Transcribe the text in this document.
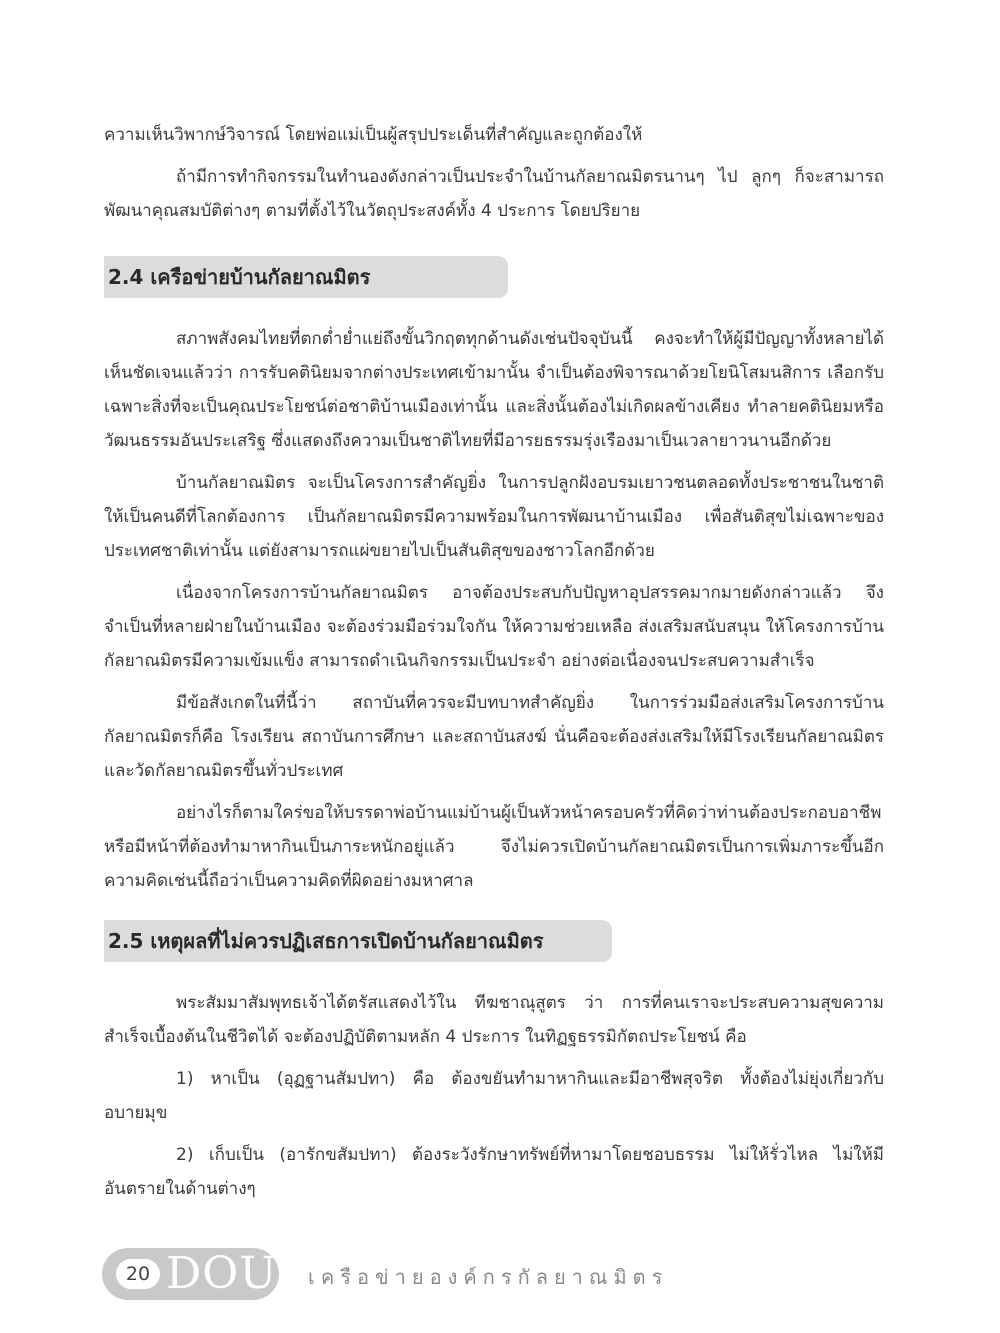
ความเห็นวิพากษ์วิจารณ์ โดยพ่อแม่เป็นผู้สรุปประเด็นที่สำคัญและถูกต้องให้

ถ้ามีการทำกิจกรรมในทำนองดังกล่าวเป็นประจำในบ้านกัลยาณมิตรนานๆ ไป ลูกๆ ก็จะสามารถพัฒนาคุณสมบัติต่างๆ ตามที่ตั้งไว้ในวัตถุประสงค์ทั้ง 4 ประการ โดยปริยาย

2.4 เครือข่ายบ้านกัลยาณมิตร

สภาพสังคมไทยที่ตกต่ำย่ำแย่ถึงขั้นวิกฤตทุกด้านดังเช่นปัจจุบันนี้ คงจะทำให้ผู้มีปัญญาทั้งหลายได้เห็นชัดเจนแล้วว่า การรับคตินิยมจากต่างประเทศเข้ามานั้น จำเป็นต้องพิจารณาด้วยโยนิโสมนสิการ เลือกรับเฉพาะสิ่งที่จะเป็นคุณประโยชน์ต่อชาติบ้านเมืองเท่านั้น และสิ่งนั้นต้องไม่เกิดผลข้างเคียง ทำลายคตินิยมหรือวัฒนธรรมอันประเสริฐ ซึ่งแสดงถึงความเป็นชาติไทยที่มีอารยธรรมรุ่งเรืองมาเป็นเวลายาวนานอีกด้วย

บ้านกัลยาณมิตร จะเป็นโครงการสำคัญยิ่ง ในการปลูกฝังอบรมเยาวชนตลอดทั้งประชาชนในชาติให้เป็นคนดีที่โลกต้องการ เป็นกัลยาณมิตรมีความพร้อมในการพัฒนาบ้านเมือง เพื่อสันติสุขไม่เฉพาะของประเทศชาติเท่านั้น แต่ยังสามารถแผ่ขยายไปเป็นสันติสุขของชาวโลกอีกด้วย

เนื่องจากโครงการบ้านกัลยาณมิตร อาจต้องประสบกับปัญหาอุปสรรคมากมายดังกล่าวแล้ว จึงจำเป็นที่หลายฝ่ายในบ้านเมือง จะต้องร่วมมือร่วมใจกัน ให้ความช่วยเหลือ ส่งเสริมสนับสนุน ให้โครงการบ้านกัลยาณมิตรมีความเข้มแข็ง สามารถดำเนินกิจกรรมเป็นประจำ อย่างต่อเนื่องจนประสบความสำเร็จ

มีข้อสังเกตในที่นี้ว่า สถาบันที่ควรจะมีบทบาทสำคัญยิ่ง ในการร่วมมือส่งเสริมโครงการบ้านกัลยาณมิตรก็คือ โรงเรียน สถาบันการศึกษา และสถาบันสงฆ์ นั่นคือจะต้องส่งเสริมให้มีโรงเรียนกัลยาณมิตรและวัดกัลยาณมิตรขึ้นทั่วประเทศ

อย่างไรก็ตามใคร่ขอให้บรรดาพ่อบ้านแม่บ้านผู้เป็นหัวหน้าครอบครัวที่คิดว่าท่านต้องประกอบอาชีพหรือมีหน้าที่ต้องทำมาหากินเป็นภาระหนักอยู่แล้ว จึงไม่ควรเปิดบ้านกัลยาณมิตรเป็นการเพิ่มภาระขึ้นอีก ความคิดเช่นนี้ถือว่าเป็นความคิดที่ผิดอย่างมหาศาล

2.5 เหตุผลที่ไม่ควรปฏิเสธการเปิดบ้านกัลยาณมิตร

พระสัมมาสัมพุทธเจ้าได้ตรัสแสดงไว้ใน ทีฆชาณุสูตร ว่า การที่คนเราจะประสบความสุขความสำเร็จเบื้องต้นในชีวิตได้ จะต้องปฏิบัติตามหลัก 4 ประการ ในทิฏฐธรรมิกัตถประโยชน์ คือ

1) หาเป็น (อุฏฐานสัมปทา) คือ ต้องขยันทำมาหากินและมีอาชีพสุจริต ทั้งต้องไม่ยุ่งเกี่ยวกับอบายมุข

2) เก็บเป็น (อารักขสัมปทา) ต้องระวังรักษาทรัพย์ที่หามาโดยชอบธรรม ไม่ให้รั่วไหล ไม่ให้มีอันตรายในด้านต่างๆ

20 DOU เครือข่ายองค์กรกัลยาณมิตร
